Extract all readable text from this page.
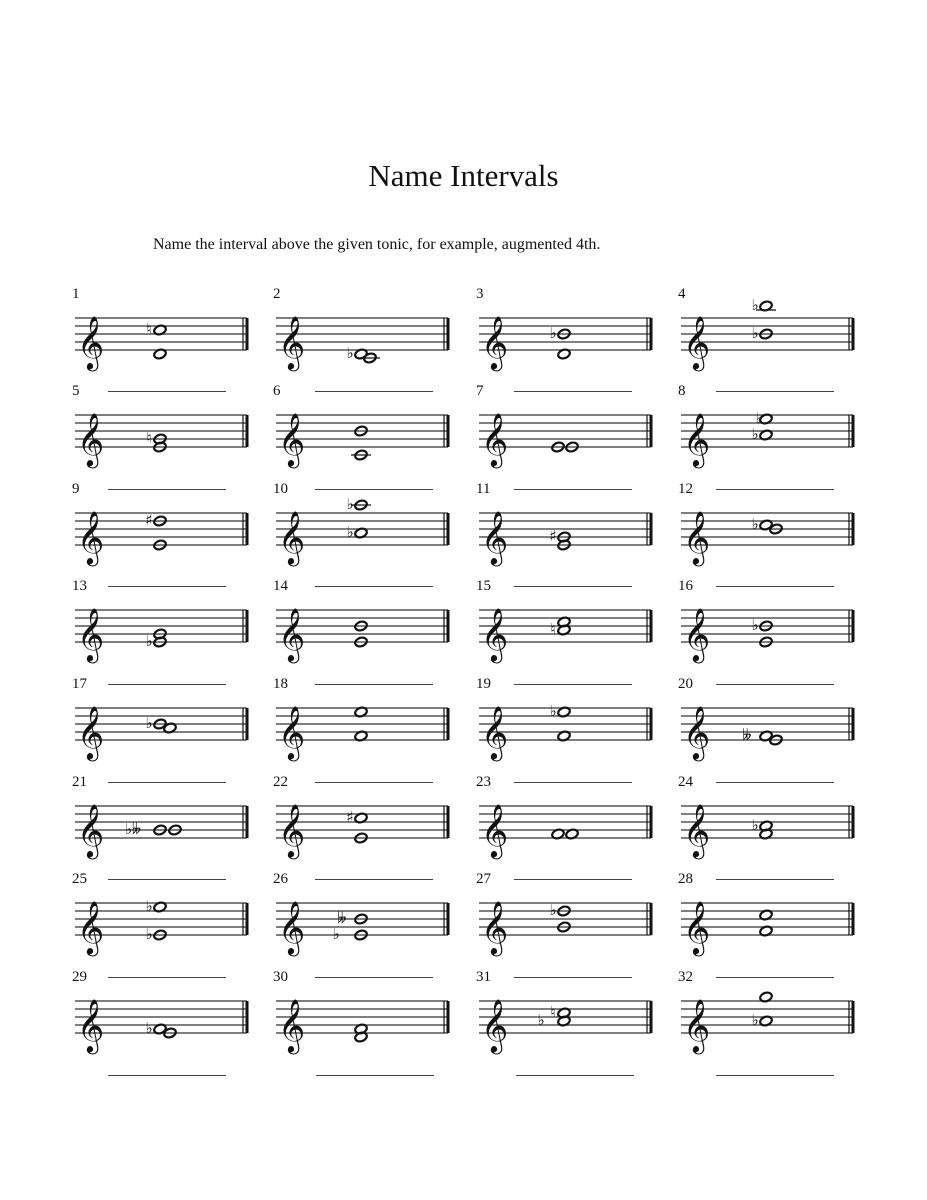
Name Intervals
Name the interval above the given tonic, for example, augmented 4th.
1
𝄞	♮
2
𝄞	♭
3
𝄞	♭
4
𝄞	♭
♭
5
𝄞	♮
6
𝄞
7
𝄞
8
𝄞	♭
♭
9
𝄞	♯
10
𝄞	♭
♭
11
𝄞	♯
12
𝄞	♭
13
𝄞	♭
14
𝄞
15
𝄞	♮
16
𝄞	♭
17
𝄞	♭
18
𝄞
19
𝄞	♭
20
𝄞 𝄫
21
𝄞 ♭𝄫
22
𝄞	♯
23
𝄞
24
𝄞	♭
25
𝄞	♭
♭
26
𝄞 ♭
𝄫
27
𝄞	♭
28
𝄞
29
𝄞	♭
30
𝄞
31
𝄞 ♭ ♮
32
𝄞	♭
